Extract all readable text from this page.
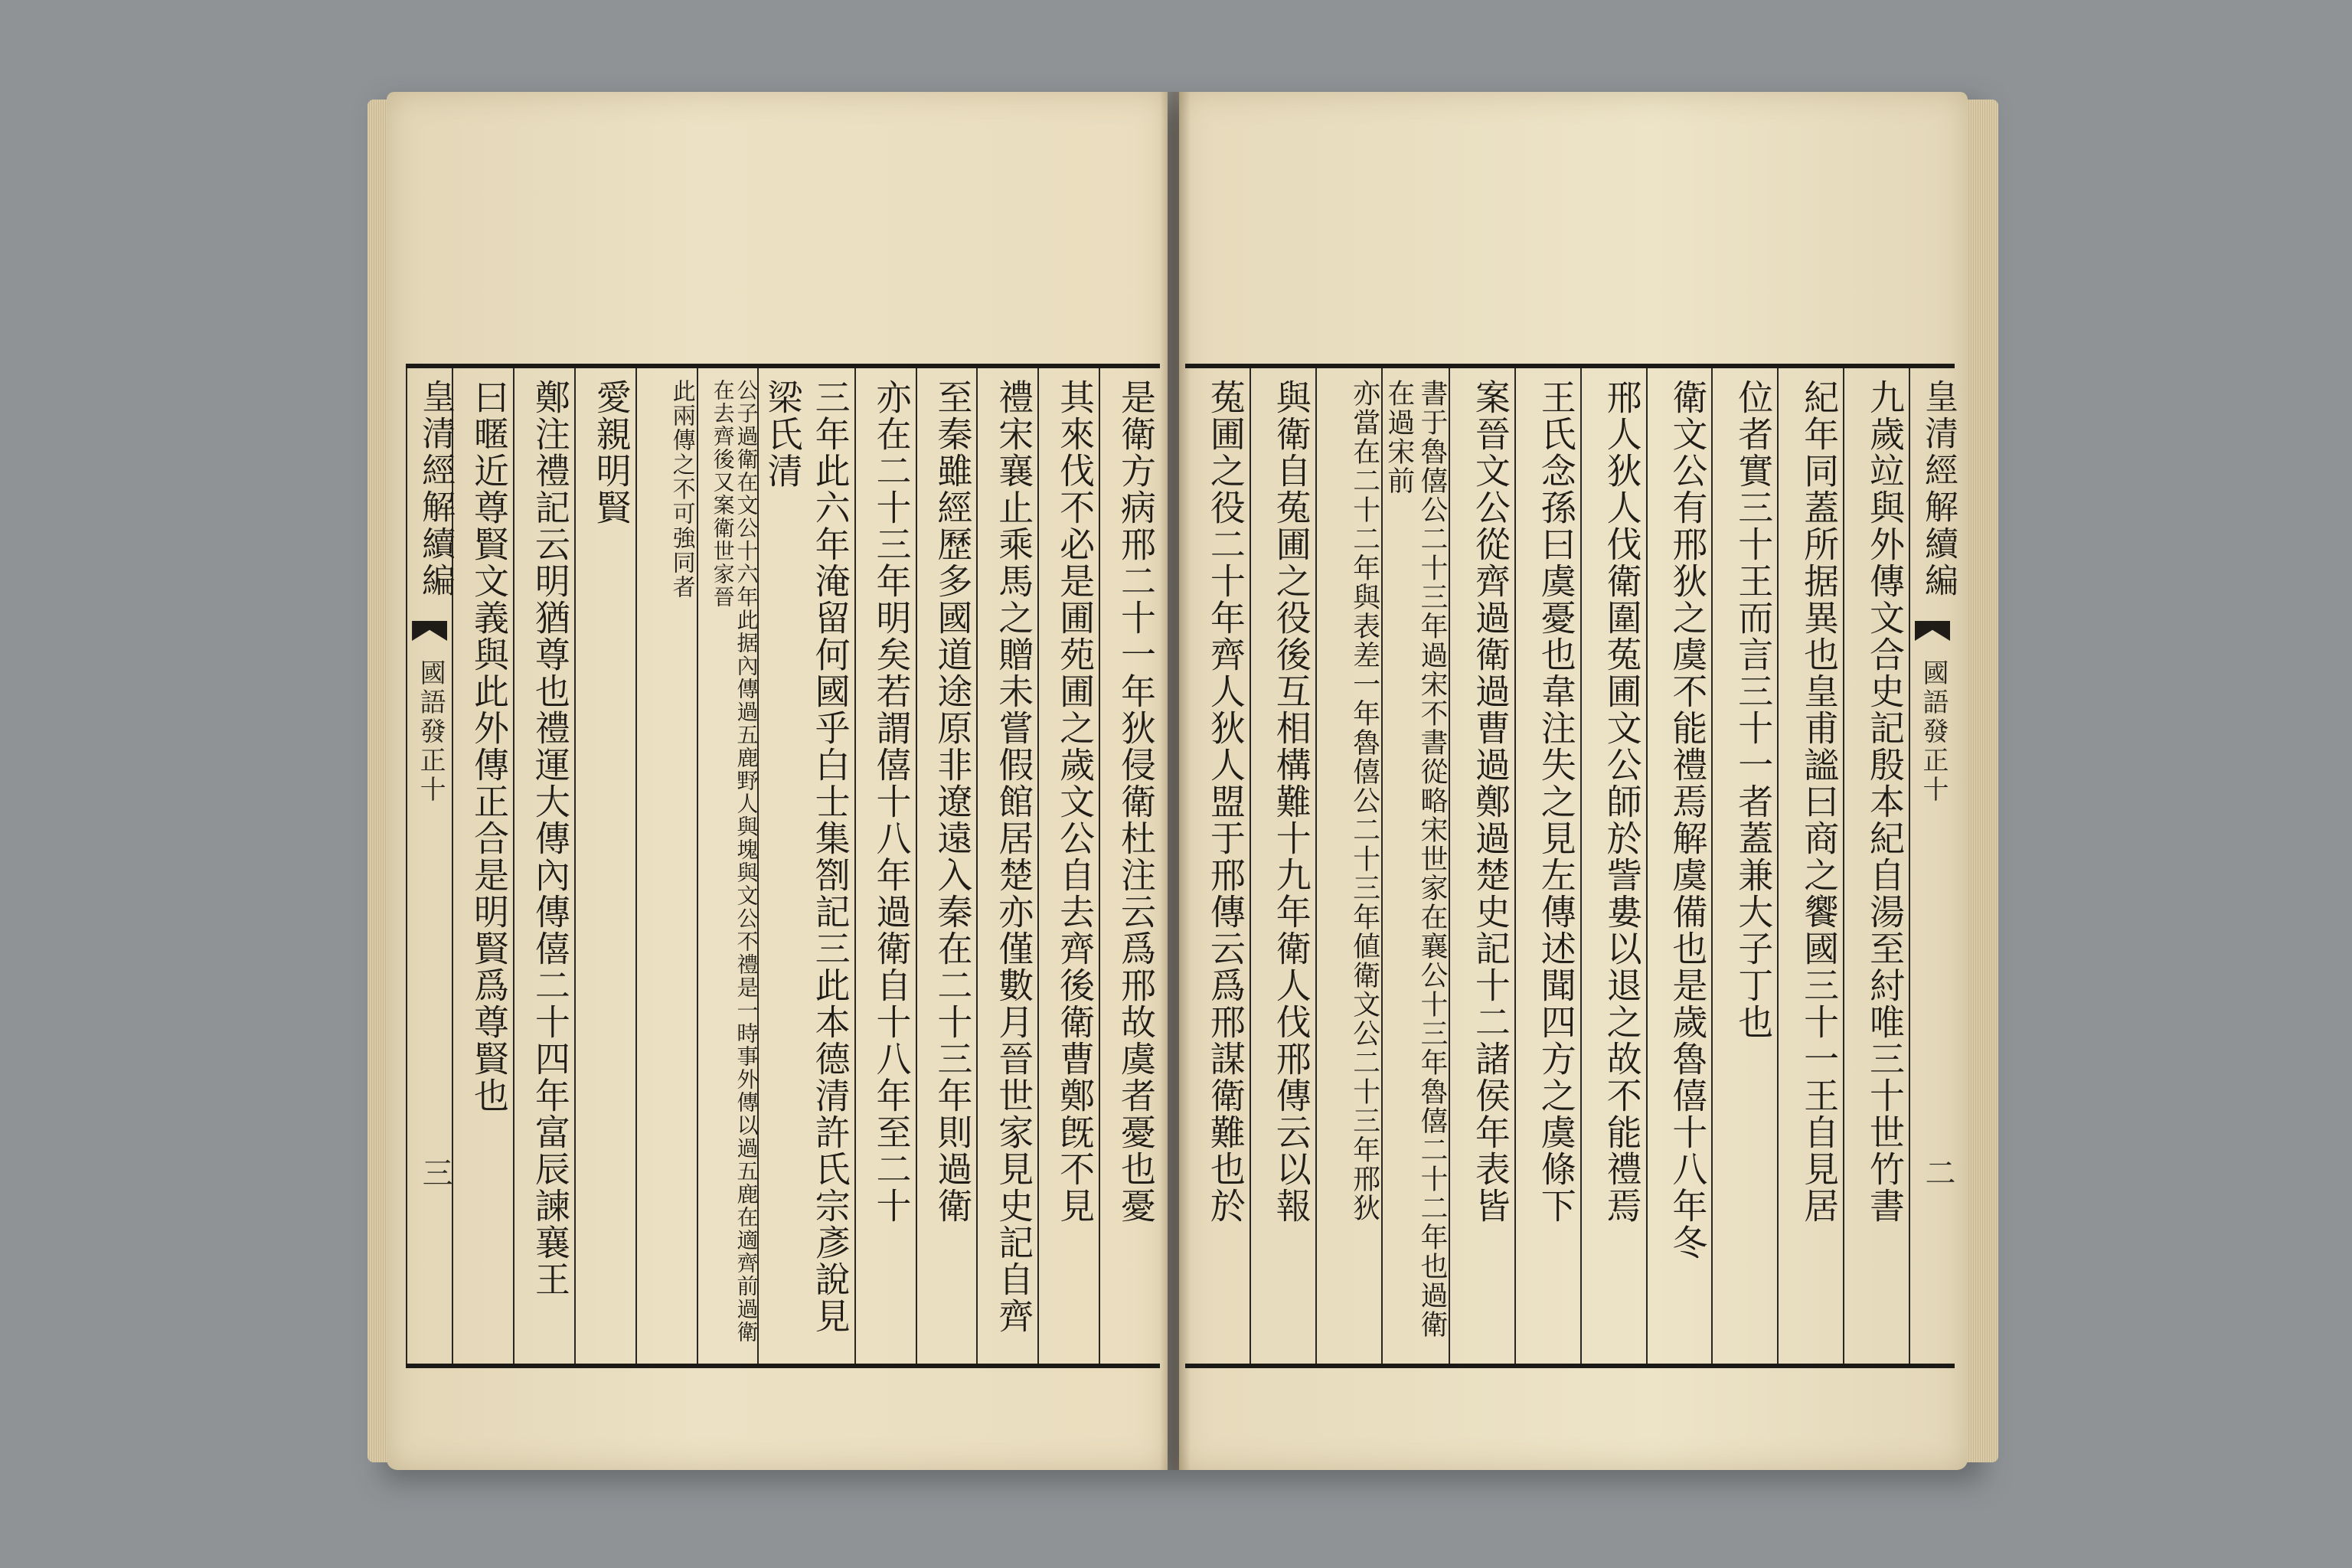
是衛方病邢二十一年狄侵衛杜注云爲邢故虞者憂也憂
其來伐不必是圃苑圃之歲文公自去齊後衛曹鄭旣不見
禮宋襄止乘馬之贈未嘗假館居楚亦僅數月晉世家見史記自齊
至秦雖經歷多國道途原非遼遠入秦在二十三年則過衛
亦在二十三年明矣若謂僖十八年過衛自十八年至二十
三年此六年淹留何國乎白士集劄記三此本德清許氏宗彥說見梁氏清
公子過衛在文公十六年此据內傳過五鹿野人與塊與文公不禮是一時事外傳以過五鹿在適齊前過衛在去齊後又案衛世家晉
此兩傳之不可強同者
愛親明賢
鄭注禮記云明猶尊也禮運大傳內傳僖二十四年富辰諫襄王
曰暱近尊賢文義與此外傳正合是明賢爲尊賢也
皇清經解續編
國語發正十
三
皇清經解續編
國語發正十
二
九歲竝與外傳文合史記殷本紀自湯至紂唯三十世竹書
紀年同蓋所据異也皇甫謐曰商之饗國三十一王自見居
位者實三十王而言三十一者蓋兼大子丁也
衛文公有邢狄之虞不能禮焉解虞備也是歲魯僖十八年冬
邢人狄人伐衛圍菟圃文公師於訾婁以退之故不能禮焉
王氏念孫曰虞憂也韋注失之見左傳述聞四方之虞條下
案晉文公從齊過衛過曹過鄭過楚史記十二諸侯年表皆
書于魯僖公二十三年過宋不書從略宋世家在襄公十三年魯僖二十二年也過衛在過宋前
亦當在二十二年與表差一年魯僖公二十三年値衛文公二十三年邢狄
與衛自菟圃之役後互相構難十九年衛人伐邢傳云以報
菟圃之役二十年齊人狄人盟于邢傳云爲邢謀衛難也於
